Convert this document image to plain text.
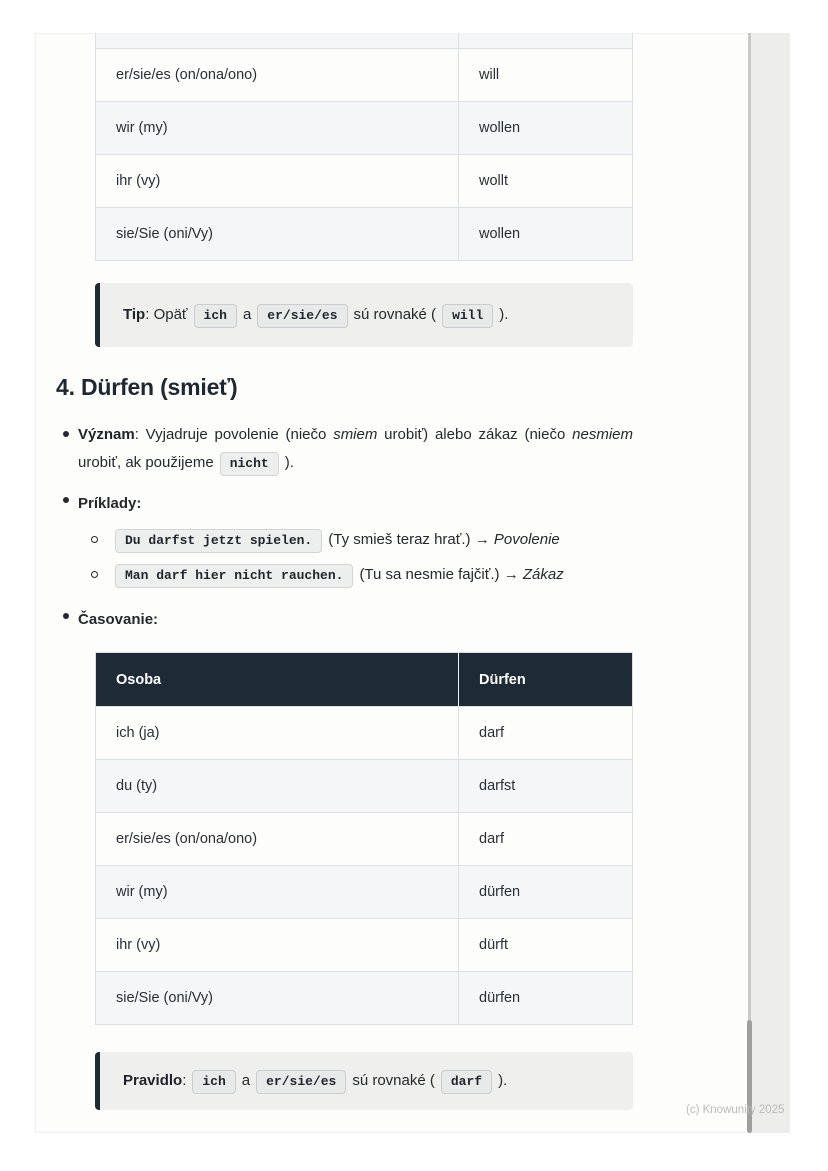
er/sie/es (on/ona/ono)	will
wir (my)	wollen
ihr (vy)	wollt
sie/Sie (oni/Vy)	wollen
Tip: Opäť ich a er/sie/es sú rovnaké ( will ).
4. Dürfen (smieť)
Význam: Vyjadruje povolenie (niečo smiem urobiť) alebo zákaz (niečo nesmiem urobiť, ak použijeme nicht ).
Príklady:
Du darfst jetzt spielen. (Ty smieš teraz hrať.) → Povolenie
Man darf hier nicht rauchen. (Tu sa nesmie fajčiť.) → Zákaz
Časovanie:
Osoba	Dürfen
ich (ja)	darf
du (ty)	darfst
er/sie/es (on/ona/ono)	darf
wir (my)	dürfen
ihr (vy)	dürft
sie/Sie (oni/Vy)	dürfen
Pravidlo: ich a er/sie/es sú rovnaké ( darf ).
(c) Knowunity 2025
